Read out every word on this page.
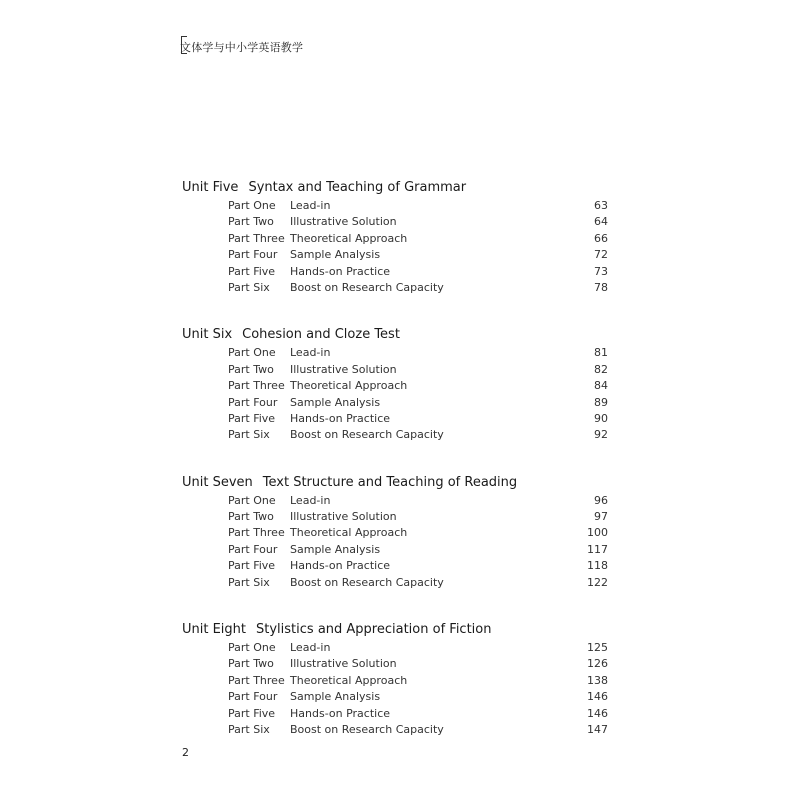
文体学与中小学英语教学
Unit Five Syntax and Teaching of Grammar
Part One Lead-in	63
Part Two Illustrative Solution	64
Part Three Theoretical Approach	66
Part Four Sample Analysis	72
Part Five Hands-on Practice	73
Part Six Boost on Research Capacity	78
Unit Six Cohesion and Cloze Test
Part One Lead-in	81
Part Two Illustrative Solution	82
Part Three Theoretical Approach	84
Part Four Sample Analysis	89
Part Five Hands-on Practice	90
Part Six Boost on Research Capacity	92
Unit Seven Text Structure and Teaching of Reading
Part One Lead-in	96
Part Two Illustrative Solution	97
Part Three Theoretical Approach	100
Part Four Sample Analysis	117
Part Five Hands-on Practice	118
Part Six Boost on Research Capacity	122
Unit Eight Stylistics and Appreciation of Fiction
Part One Lead-in	125
Part Two Illustrative Solution	126
Part Three Theoretical Approach	138
Part Four Sample Analysis	146
Part Five Hands-on Practice	146
Part Six Boost on Research Capacity	147
2
